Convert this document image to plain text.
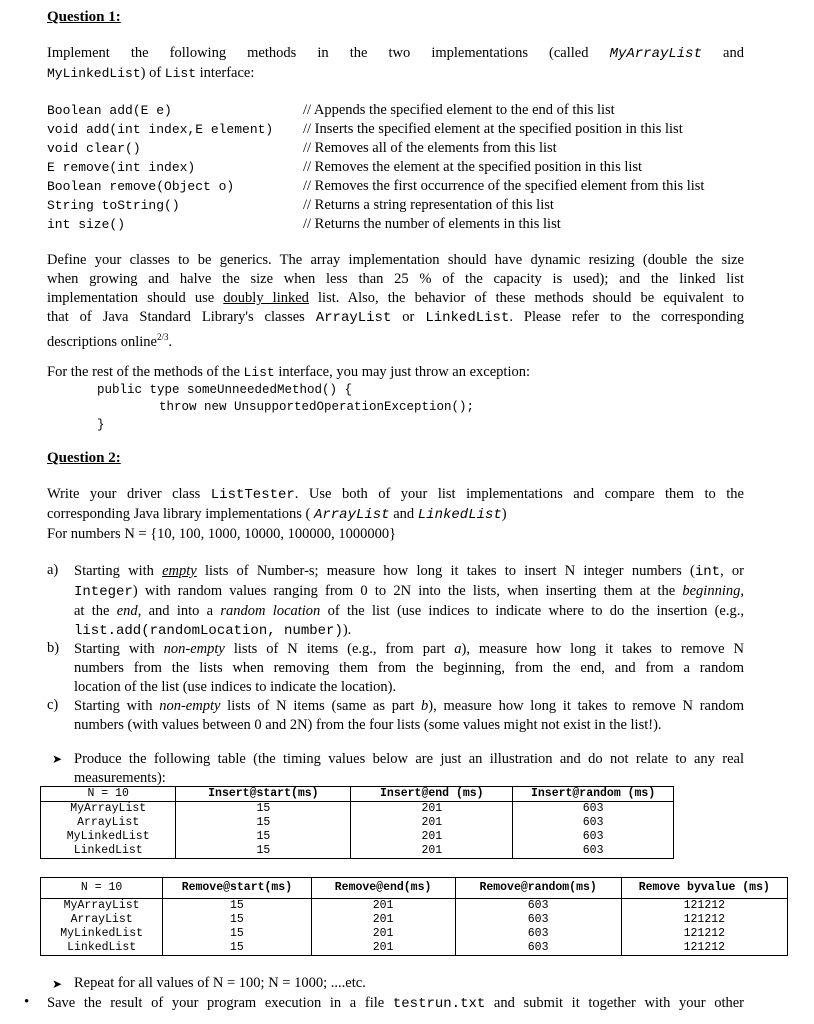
Question 1:
Implement the following methods in the two implementations (called MyArrayList and
MyLinkedList) of List interface:
Boolean add(E e)	// Appends the specified element to the end of this list
void add(int index,E element)	// Inserts the specified element at the specified position in this list
void clear()	// Removes all of the elements from this list
E remove(int index)	// Removes the element at the specified position in this list
Boolean remove(Object o)	// Removes the first occurrence of the specified element from this list
String toString()	// Returns a string representation of this list
int size()	// Returns the number of elements in this list
Define your classes to be generics. The array implementation should have dynamic resizing (double the size
when growing and halve the size when less than 25 % of the capacity is used); and the linked list
implementation should use doubly linked list. Also, the behavior of these methods should be equivalent to
that of Java Standard Library's classes ArrayList or LinkedList. Please refer to the corresponding
descriptions online$^{2/3}$.
For the rest of the methods of the List interface, you may just throw an exception:
public type someUnneededMethod() {
throw new UnsupportedOperationException();
}
Question 2:
Write your driver class ListTester. Use both of your list implementations and compare them to the
corresponding Java library implementations ( ArrayList and LinkedList)
For numbers N = {10, 100, 1000, 10000, 100000, 1000000}
a)	Starting with empty lists of Number-s; measure how long it takes to insert N integer numbers (int, or
Integer) with random values ranging from 0 to 2N into the lists, when inserting them at the beginning,
at the end, and into a random location of the list (use indices to indicate where to do the insertion (e.g.,
list.add(randomLocation, number)).
b)	Starting with non-empty lists of N items (e.g., from part a), measure how long it takes to remove N
numbers from the lists when removing them from the beginning, from the end, and from a random
location of the list (use indices to indicate the location).
c)	Starting with non-empty lists of N items (same as part b), measure how long it takes to remove N random
numbers (with values between 0 and 2N) from the four lists (some values might not exist in the list!).
➤ Produce the following table (the timing values below are just an illustration and do not relate to any real
measurements):
N = 10	Insert@start(ms)	Insert@end (ms)	Insert@random (ms)
MyArrayList	15	201	603
ArrayList	15	201	603
MyLinkedList	15	201	603
LinkedList	15	201	603
N = 10	Remove@start(ms)	Remove@end(ms)	Remove@random(ms)	Remove byvalue (ms)
MyArrayList	15	201	603	121212
ArrayList	15	201	603	121212
MyLinkedList	15	201	603	121212
LinkedList	15	201	603	121212
➤ Repeat for all values of N = 100; N = 1000; ....etc.
• Save the result of your program execution in a file testrun.txt and submit it together with your other
